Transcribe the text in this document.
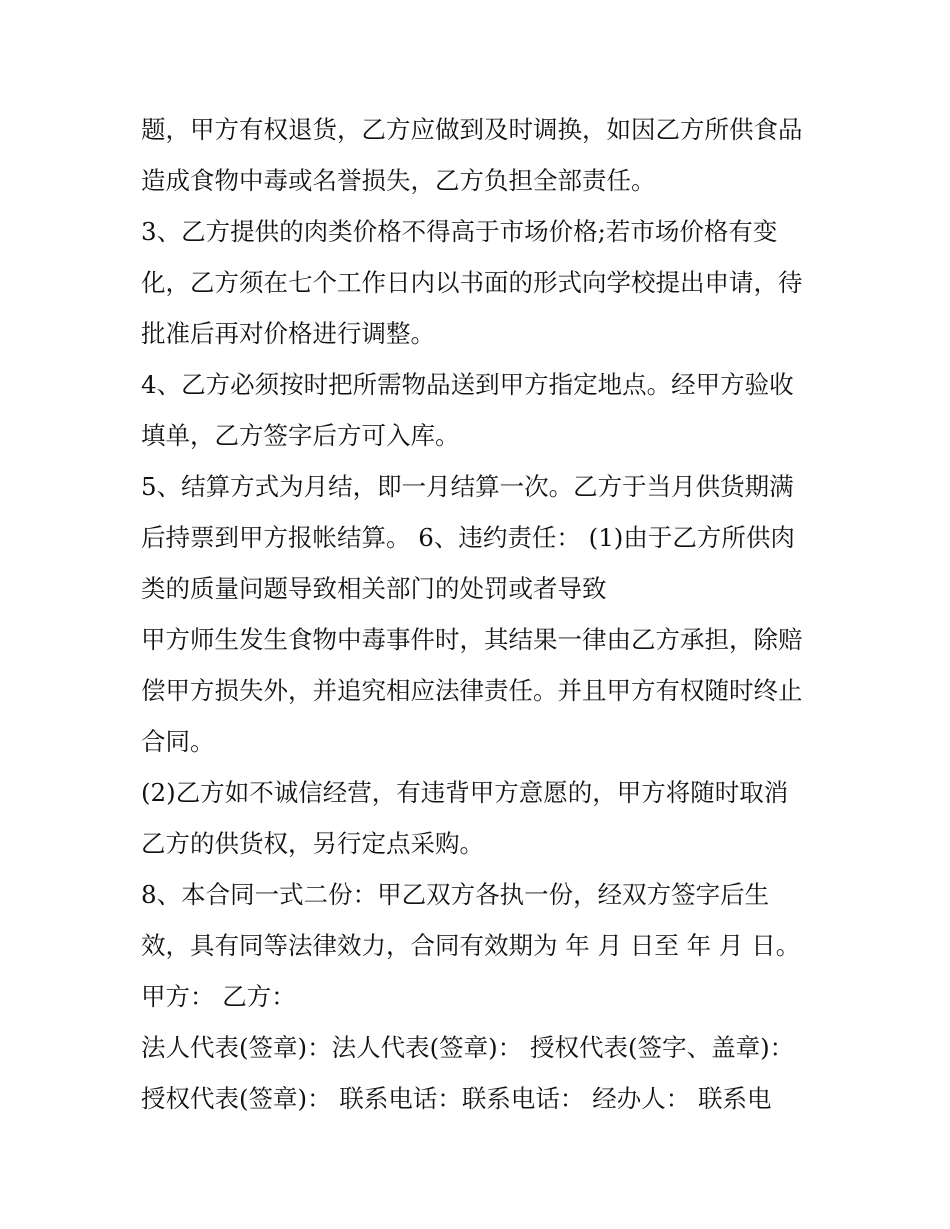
题，甲方有权退货，乙方应做到及时调换，如因乙方所供食品
造成食物中毒或名誉损失，乙方负担全部责任。
3、乙方提供的肉类价格不得高于市场价格;若市场价格有变
化，乙方须在七个工作日内以书面的形式向学校提出申请，待
批准后再对价格进行调整。
4、乙方必须按时把所需物品送到甲方指定地点。经甲方验收
填单，乙方签字后方可入库。
5、结算方式为月结，即一月结算一次。乙方于当月供货期满
后持票到甲方报帐结算。 6、违约责任： (1)由于乙方所供肉
类的质量问题导致相关部门的处罚或者导致
甲方师生发生食物中毒事件时，其结果一律由乙方承担，除赔
偿甲方损失外，并追究相应法律责任。并且甲方有权随时终止
合同。
(2)乙方如不诚信经营，有违背甲方意愿的，甲方将随时取消
乙方的供货权，另行定点采购。
8、本合同一式二份：甲乙双方各执一份，经双方签字后生
效，具有同等法律效力，合同有效期为 年 月 日至 年 月 日。
甲方： 乙方：
法人代表(签章)：法人代表(签章)： 授权代表(签字、盖章)：
授权代表(签章)： 联系电话：联系电话： 经办人： 联系电
